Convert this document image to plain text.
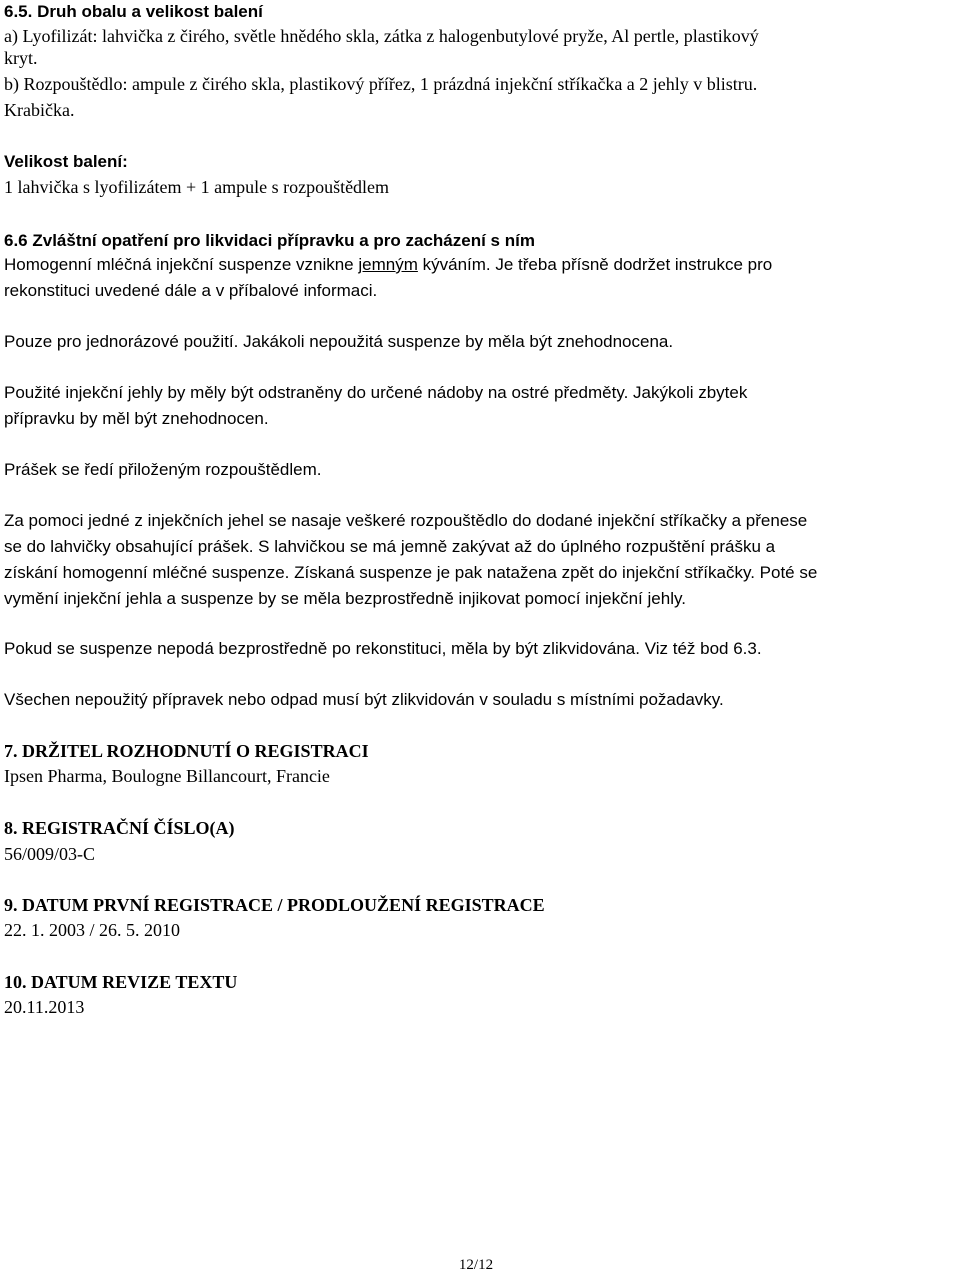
6.5. Druh obalu a velikost balení
a) Lyofilizát: lahvička z čirého, světle hnědého skla, zátka z halogenbutylové pryže, Al pertle, plastikový
kryt.
b) Rozpouštědlo: ampule z čirého skla, plastikový přířez, 1 prázdná injekční stříkačka a 2 jehly v blistru.
Krabička.
Velikost balení:
1 lahvička s lyofilizátem + 1 ampule s rozpouštědlem
6.6 Zvláštní opatření pro likvidaci přípravku a pro zacházení s ním
Homogenní mléčná injekční suspenze vznikne jemným kýváním. Je třeba přísně dodržet instrukce pro
rekonstituci uvedené dále a v příbalové informaci.
Pouze pro jednorázové použití. Jakákoli nepoužitá suspenze by měla být znehodnocena.
Použité injekční jehly by měly být odstraněny do určené nádoby na ostré předměty. Jakýkoli zbytek
přípravku by měl být znehodnocen.
Prášek se ředí přiloženým rozpouštědlem.
Za pomoci jedné z injekčních jehel se nasaje veškeré rozpouštědlo do dodané injekční stříkačky a přenese
se do lahvičky obsahující prášek. S lahvičkou se má jemně zakývat až do úplného rozpuštění prášku a
získání homogenní mléčné suspenze. Získaná suspenze je pak natažena zpět do injekční stříkačky. Poté se
vymění injekční jehla a suspenze by se měla bezprostředně injikovat pomocí injekční jehly.
Pokud se suspenze nepodá bezprostředně po rekonstituci, měla by být zlikvidována. Viz též bod 6.3.
Všechen nepoužitý přípravek nebo odpad musí být zlikvidován v souladu s místními požadavky.
7. DRŽITEL ROZHODNUTÍ O REGISTRACI
Ipsen Pharma, Boulogne Billancourt, Francie
8. REGISTRAČNÍ ČÍSLO(A)
56/009/03-C
9. DATUM PRVNÍ REGISTRACE / PRODLOUŽENÍ REGISTRACE
22. 1. 2003 / 26. 5. 2010
10. DATUM REVIZE TEXTU
20.11.2013
12/12
